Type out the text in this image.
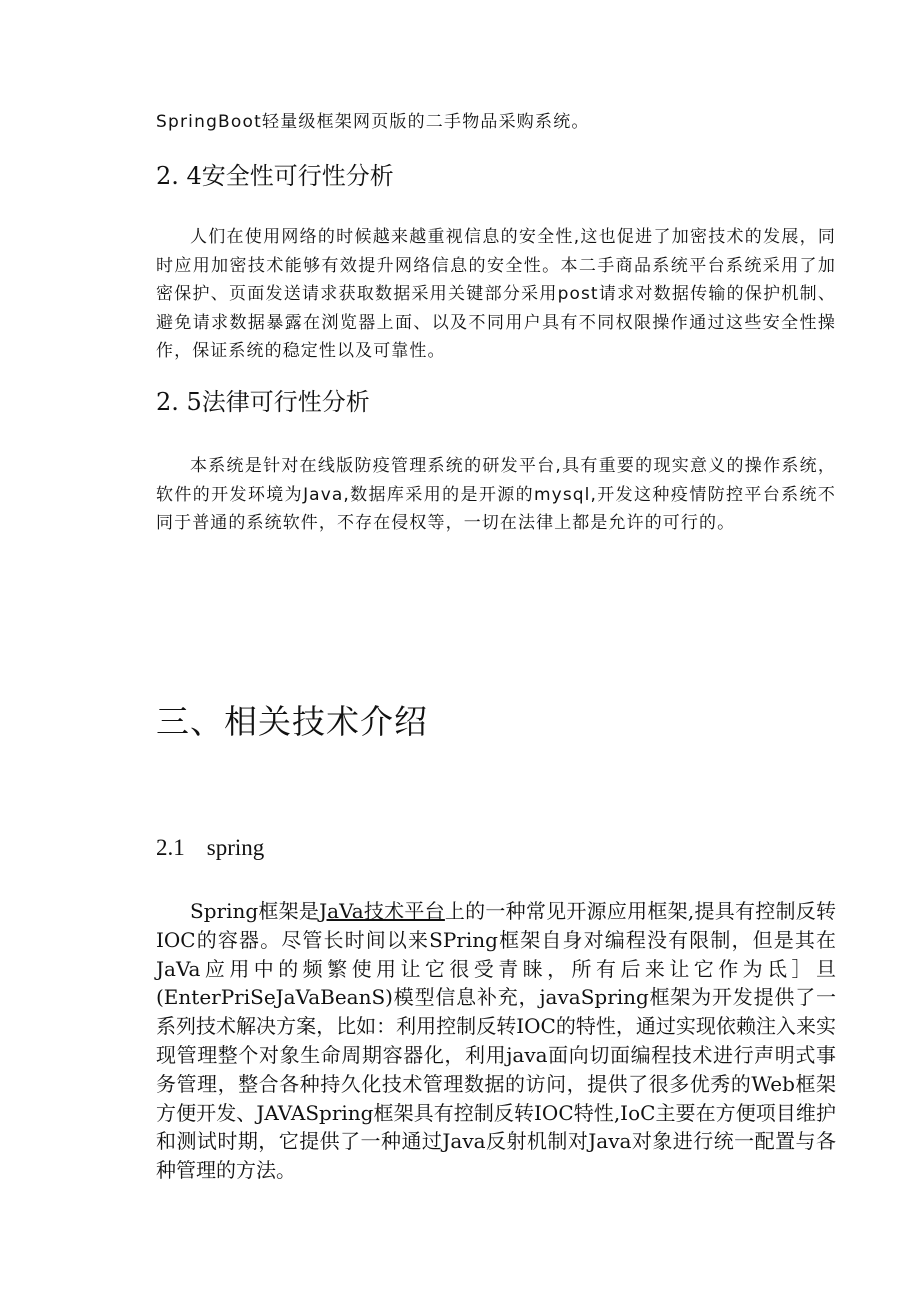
SpringBoot轻量级框架网页版的二手物品采购系统。
2. 4安全性可行性分析
人们在使用网络的时候越来越重视信息的安全性,这也促进了加密技术的发展，同时应用加密技术能够有效提升网络信息的安全性。本二手商品系统平台系统采用了加密保护、页面发送请求获取数据采用关键部分采用post请求对数据传输的保护机制、避免请求数据暴露在浏览器上面、以及不同用户具有不同权限操作通过这些安全性操作，保证系统的稳定性以及可靠性。
2. 5法律可行性分析
本系统是针对在线版防疫管理系统的研发平台,具有重要的现实意义的操作系统，软件的开发环境为Java,数据库采用的是开源的mysql,开发这种疫情防控平台系统不同于普通的系统软件，不存在侵权等，一切在法律上都是允许的可行的。
三、相关技术介绍
2.1 spring
Spring框架是JaVa技术平台上的一种常见开源应用框架,提具有控制反转IOC的容器。尽管长时间以来SPring框架自身对编程没有限制，但是其在JaVa应用中的频繁使用让它很受青睐，所有后来让它作为氐］旦(EnterPriSeJaVaBeanS)模型信息补充，javaSpring框架为开发提供了一系列技术解决方案，比如：利用控制反转IOC的特性，通过实现依赖注入来实现管理整个对象生命周期容器化，利用java面向切面编程技术进行声明式事务管理，整合各种持久化技术管理数据的访问，提供了很多优秀的Web框架方便开发、JAVASpring框架具有控制反转IOC特性,IoC主要在方便项目维护和测试时期，它提供了一种通过Java反射机制对Java对象进行统一配置与各种管理的方法。
